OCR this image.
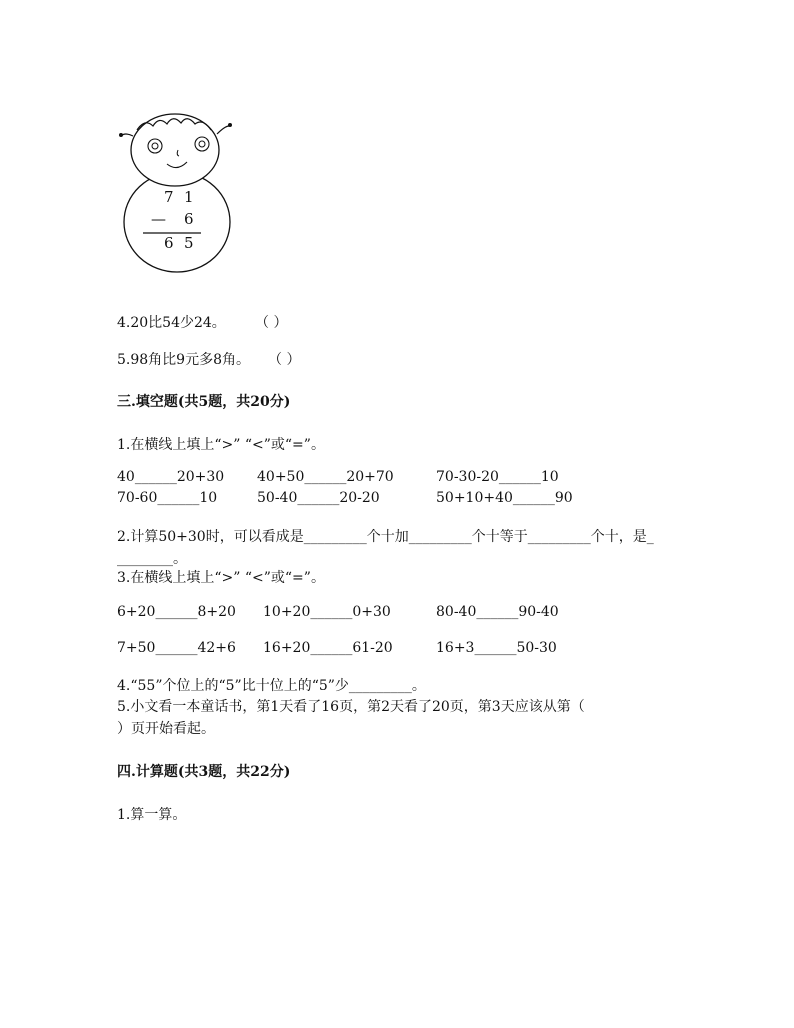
7 1
— 6
6 5
4.20比54少24。 （ ）
5.98角比9元多8角。 （ ）
三.填空题(共5题，共20分)
1.在横线上填上“>” “<”或“=”。
40______20+30 40+50______20+70	70-30-20______10
70-60______10	50-40______20-20	50+10+40______90
2.计算50+30时，可以看成是_________个十加_________个十等于_________个十，是_
________。
3.在横线上填上“>” “<”或“=”。
6+20______8+20 10+20______0+30	80-40______90-40
7+50______42+6 16+20______61-20	16+3______50-30
4.“55”个位上的“5”比十位上的“5”少_________。
5.小文看一本童话书，第1天看了16页，第2天看了20页，第3天应该从第（
）页开始看起。
四.计算题(共3题，共22分)
1.算一算。
